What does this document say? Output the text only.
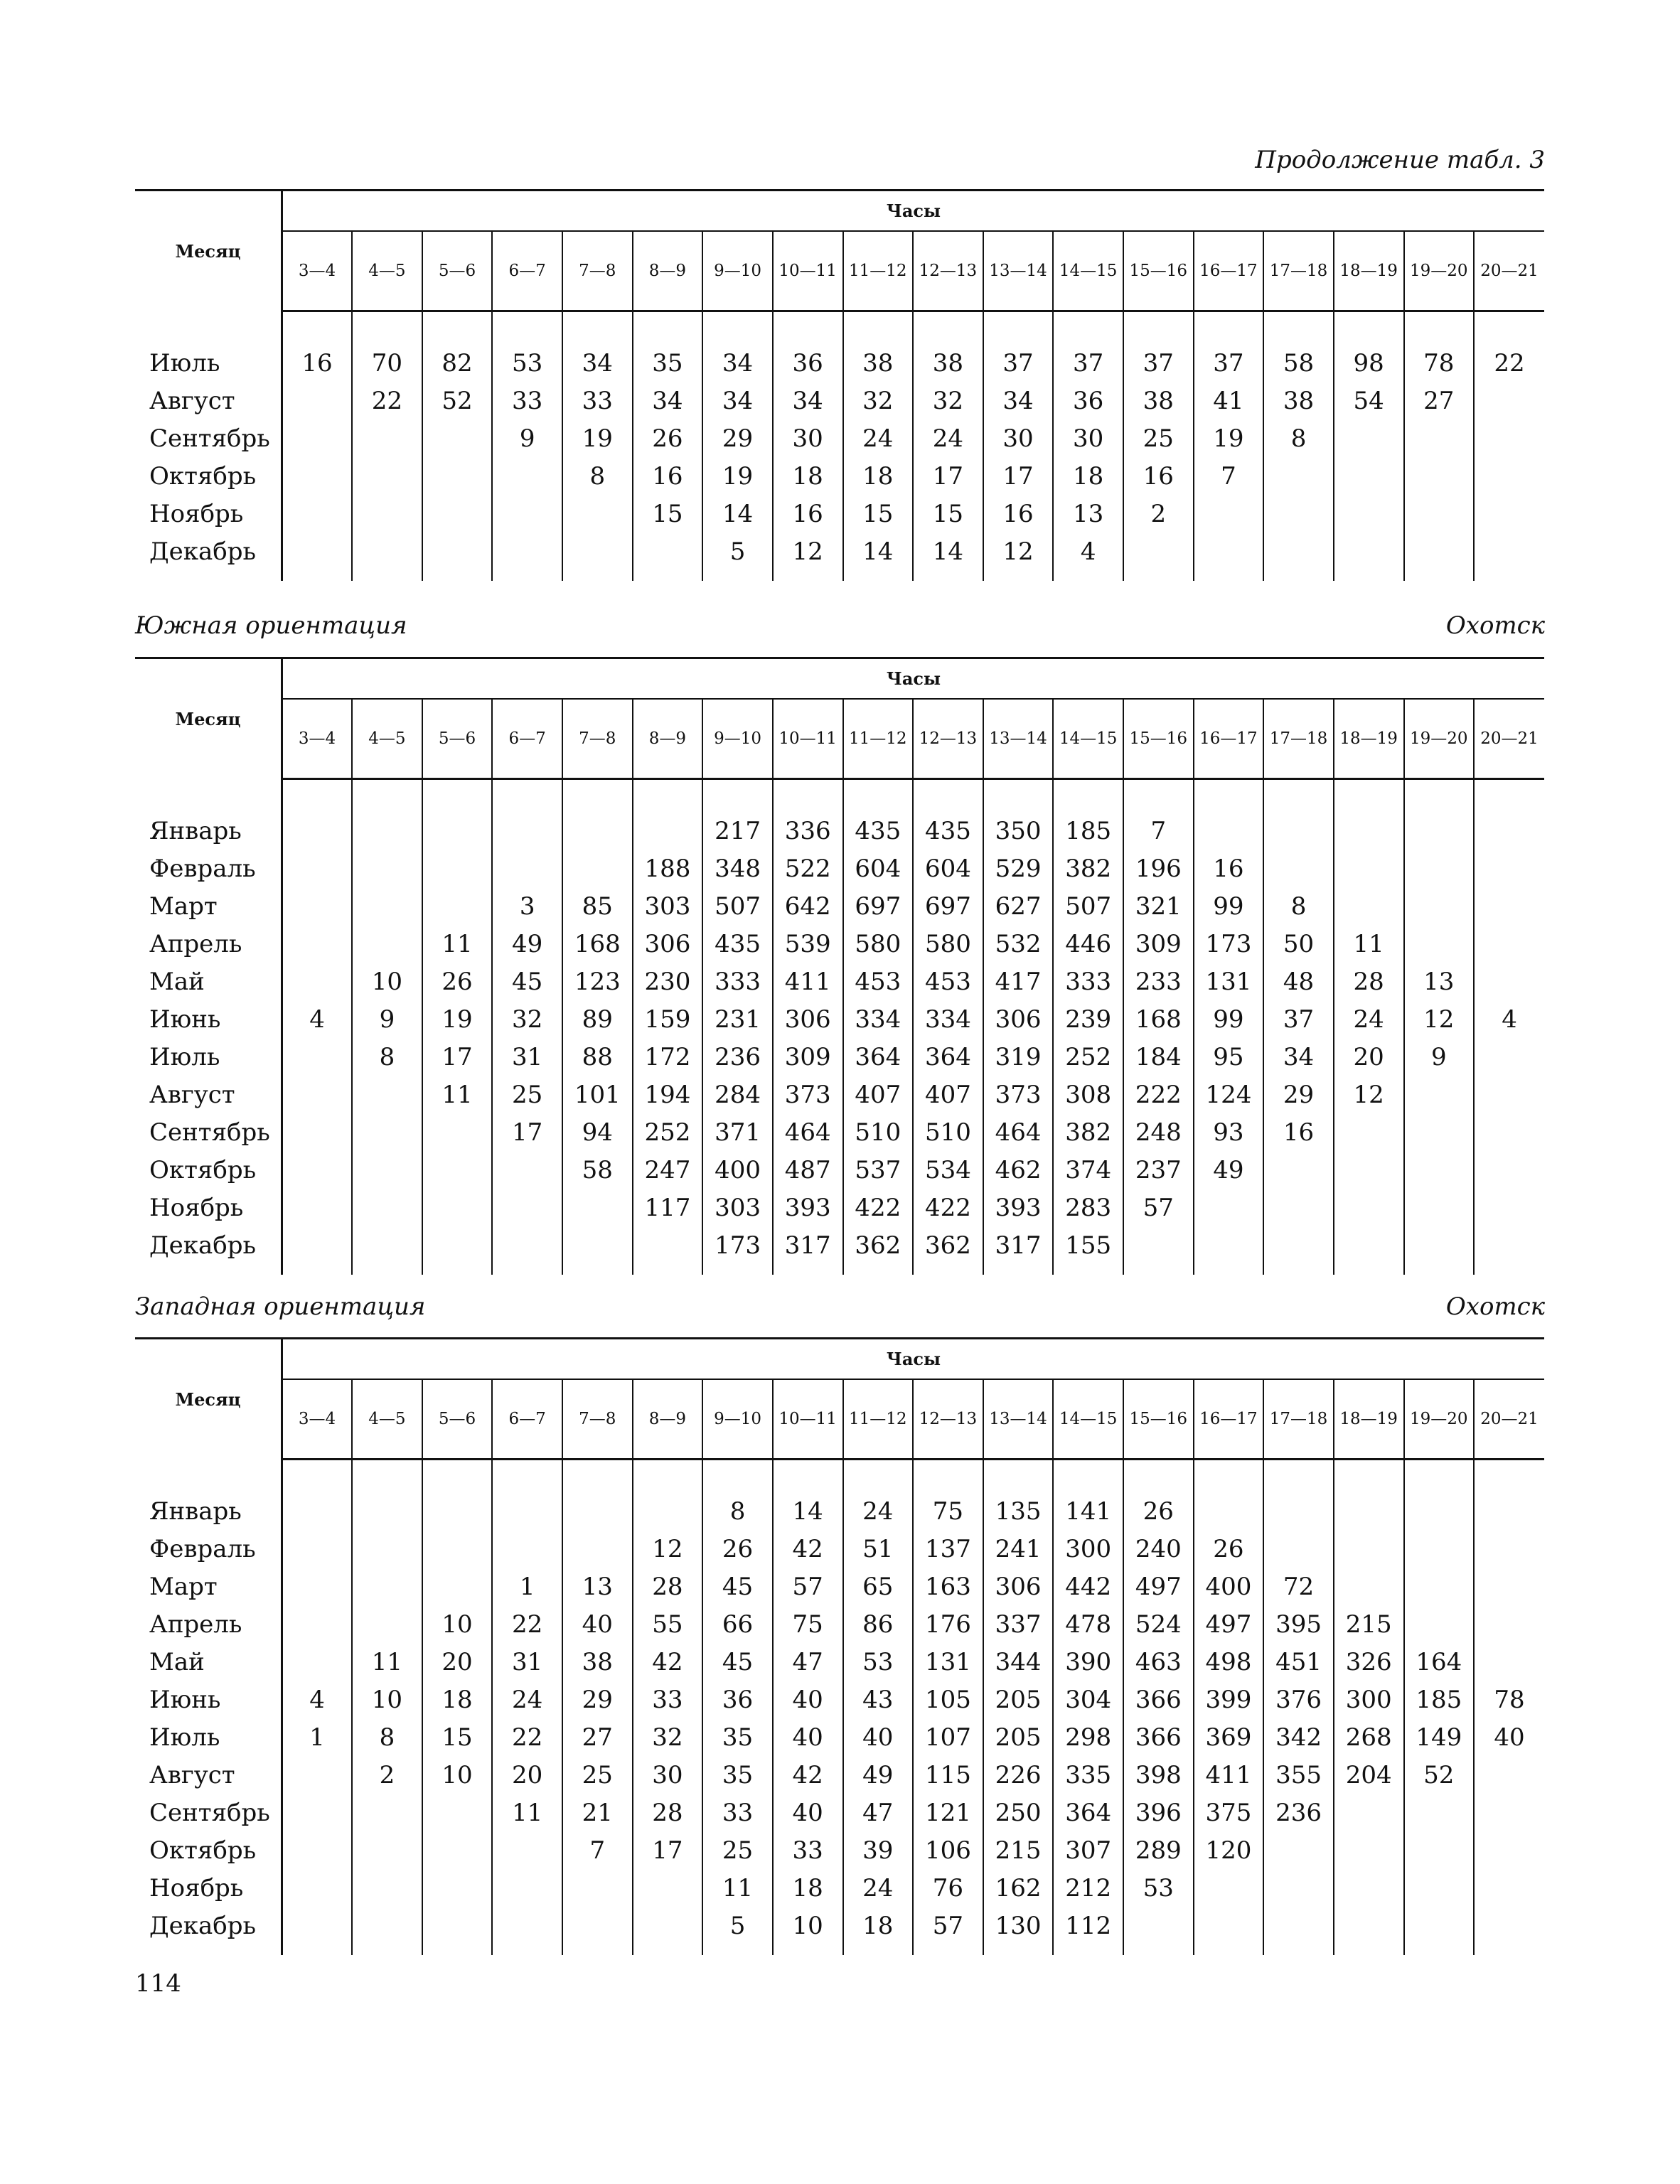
Продолжение табл. 3
Месяц	Часы																	
	3—4	4—5	5—6	6—7	7—8	8—9	9—10	10—11	11—12	12—13	13—14	14—15	15—16	16—17	17—18	18—19	19—20	20—21

Июль	16	70	82	53	34	35	34	36	38	38	37	37	37	37	58	98	78	22
Август		22	52	33	33	34	34	34	32	32	34	36	38	41	38	54	27	
Сентябрь				9	19	26	29	30	24	24	30	30	25	19	8			
Октябрь					8	16	19	18	18	17	17	18	16	7				
Ноябрь						15	14	16	15	15	16	13	2					
Декабрь							5	12	14	14	12	4						

Южная ориентация	Охотск
Месяц	Часы																	
	3—4	4—5	5—6	6—7	7—8	8—9	9—10	10—11	11—12	12—13	13—14	14—15	15—16	16—17	17—18	18—19	19—20	20—21

Январь							217	336	435	435	350	185	7					
Февраль						188	348	522	604	604	529	382	196	16				
Март				3	85	303	507	642	697	697	627	507	321	99	8			
Апрель			11	49	168	306	435	539	580	580	532	446	309	173	50	11		
Май		10	26	45	123	230	333	411	453	453	417	333	233	131	48	28	13	
Июнь	4	9	19	32	89	159	231	306	334	334	306	239	168	99	37	24	12	4
Июль		8	17	31	88	172	236	309	364	364	319	252	184	95	34	20	9	
Август			11	25	101	194	284	373	407	407	373	308	222	124	29	12		
Сентябрь				17	94	252	371	464	510	510	464	382	248	93	16			
Октябрь					58	247	400	487	537	534	462	374	237	49				
Ноябрь						117	303	393	422	422	393	283	57					
Декабрь							173	317	362	362	317	155						

Западная ориентация	Охотск
Месяц	Часы																	
	3—4	4—5	5—6	6—7	7—8	8—9	9—10	10—11	11—12	12—13	13—14	14—15	15—16	16—17	17—18	18—19	19—20	20—21

Январь							8	14	24	75	135	141	26					
Февраль						12	26	42	51	137	241	300	240	26				
Март				1	13	28	45	57	65	163	306	442	497	400	72			
Апрель			10	22	40	55	66	75	86	176	337	478	524	497	395	215		
Май		11	20	31	38	42	45	47	53	131	344	390	463	498	451	326	164	
Июнь	4	10	18	24	29	33	36	40	43	105	205	304	366	399	376	300	185	78
Июль	1	8	15	22	27	32	35	40	40	107	205	298	366	369	342	268	149	40
Август		2	10	20	25	30	35	42	49	115	226	335	398	411	355	204	52	
Сентябрь				11	21	28	33	40	47	121	250	364	396	375	236			
Октябрь					7	17	25	33	39	106	215	307	289	120				
Ноябрь							11	18	24	76	162	212	53					
Декабрь							5	10	18	57	130	112						

114
